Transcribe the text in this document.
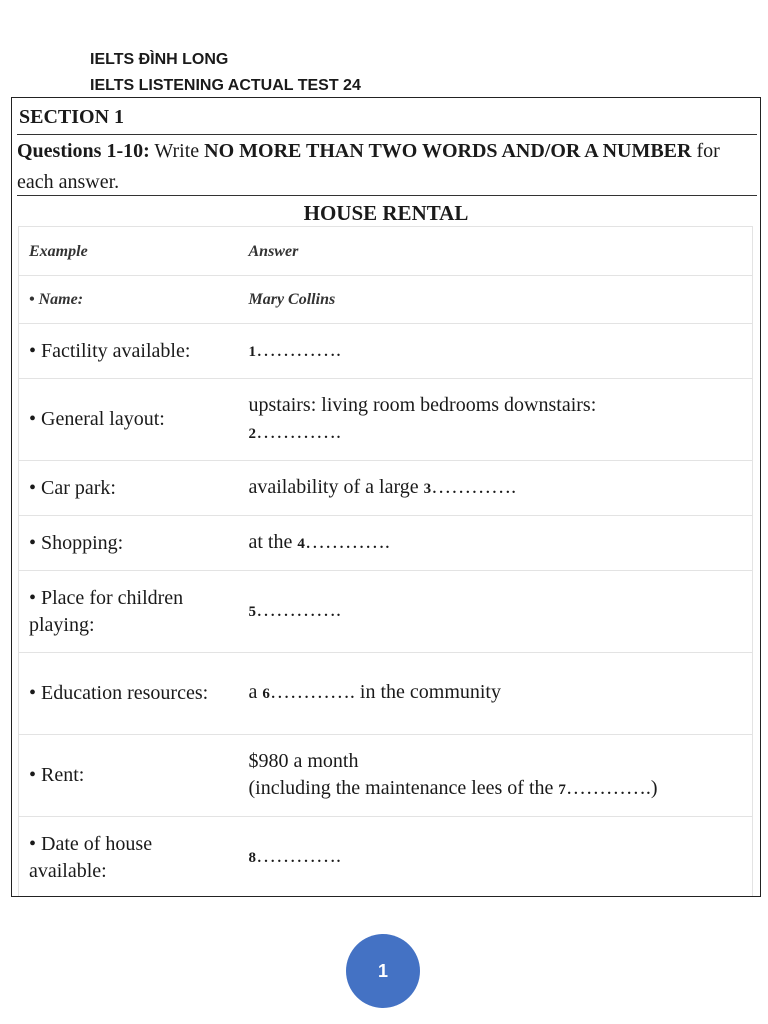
IELTS ĐÌNH LONG
IELTS LISTENING ACTUAL TEST 24
SECTION 1
Questions 1-10: Write NO MORE THAN TWO WORDS AND/OR A NUMBER for each answer.
HOUSE RENTAL
Example	Answer
• Name:	Mary Collins
• Factility available:	1………….
• General layout:	upstairs: living room bedrooms downstairs:
2………….
• Car park:	availability of a large 3………….
• Shopping:	at the 4………….
• Place for children playing:	5………….
• Education resources:	a 6…………. in the community
• Rent:	$980 a month
(including the maintenance lees of the 7………….)
• Date of house available:	8………….
1
